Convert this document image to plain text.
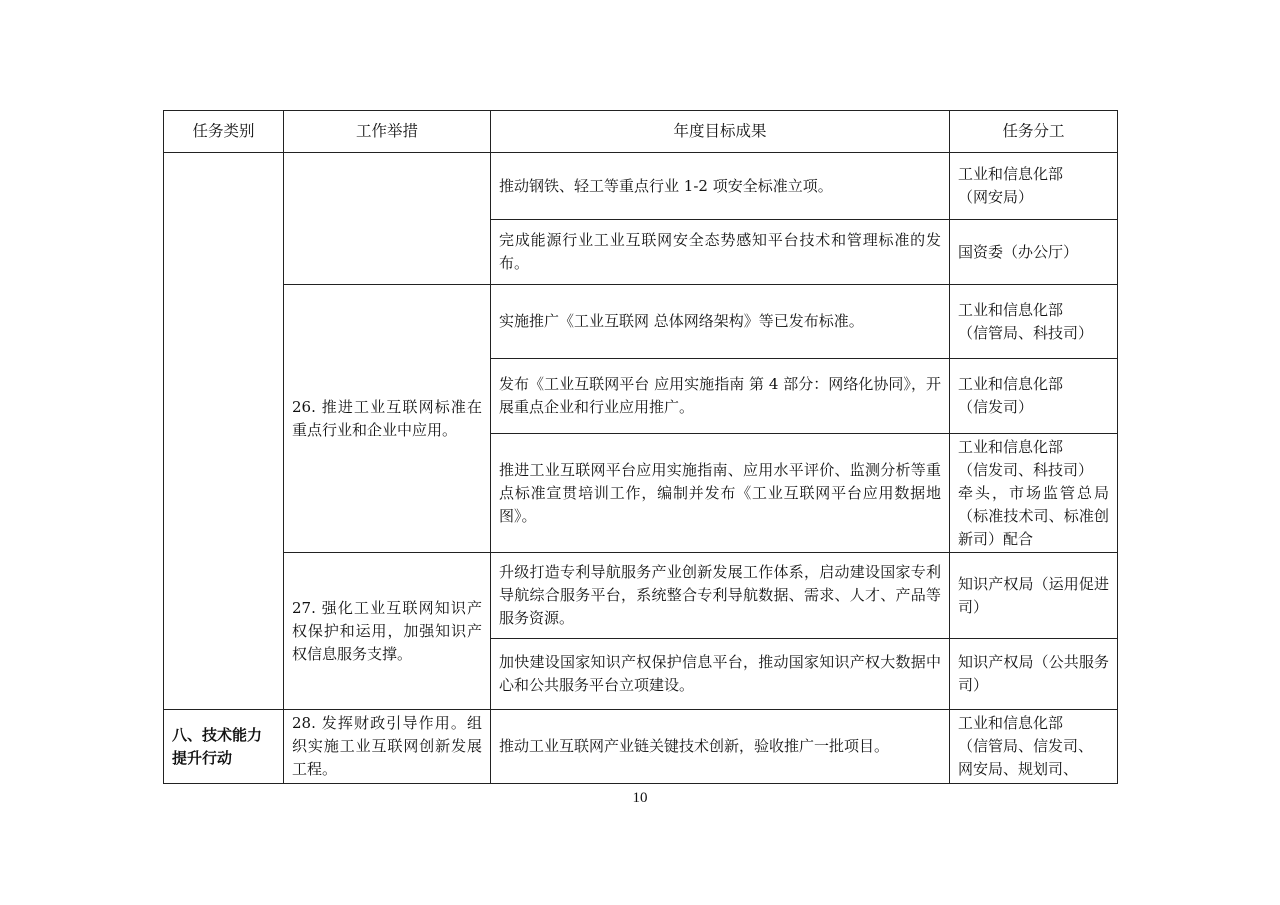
任务类别	工作举措	年度目标成果	任务分工
		推动钢铁、轻工等重点行业 1-2 项安全标准立项。	工业和信息化部
（网安局）
		完成能源行业工业互联网安全态势感知平台技术和管理标准的发布。	国资委（办公厅）
	26. 推进工业互联网标准在重点行业和企业中应用。	实施推广《工业互联网 总体网络架构》等已发布标准。	工业和信息化部
（信管局、科技司）
		发布《工业互联网平台 应用实施指南 第 4 部分：网络化协同》，开展重点企业和行业应用推广。	工业和信息化部
（信发司）
		推进工业互联网平台应用实施指南、应用水平评价、监测分析等重点标准宣贯培训工作，编制并发布《工业互联网平台应用数据地图》。	工业和信息化部
（信发司、科技司）
牵头，市场监管总局（标准技术司、标准创新司）配合
	27. 强化工业互联网知识产权保护和运用，加强知识产权信息服务支撑。	升级打造专利导航服务产业创新发展工作体系，启动建设国家专利导航综合服务平台，系统整合专利导航数据、需求、人才、产品等服务资源。	知识产权局（运用促进司）
		加快建设国家知识产权保护信息平台，推动国家知识产权大数据中心和公共服务平台立项建设。	知识产权局（公共服务司）
八、技术能力提升行动	28. 发挥财政引导作用。组织实施工业互联网创新发展工程。	推动工业互联网产业链关键技术创新，验收推广一批项目。	工业和信息化部
（信管局、信发司、
网安局、规划司、
10
